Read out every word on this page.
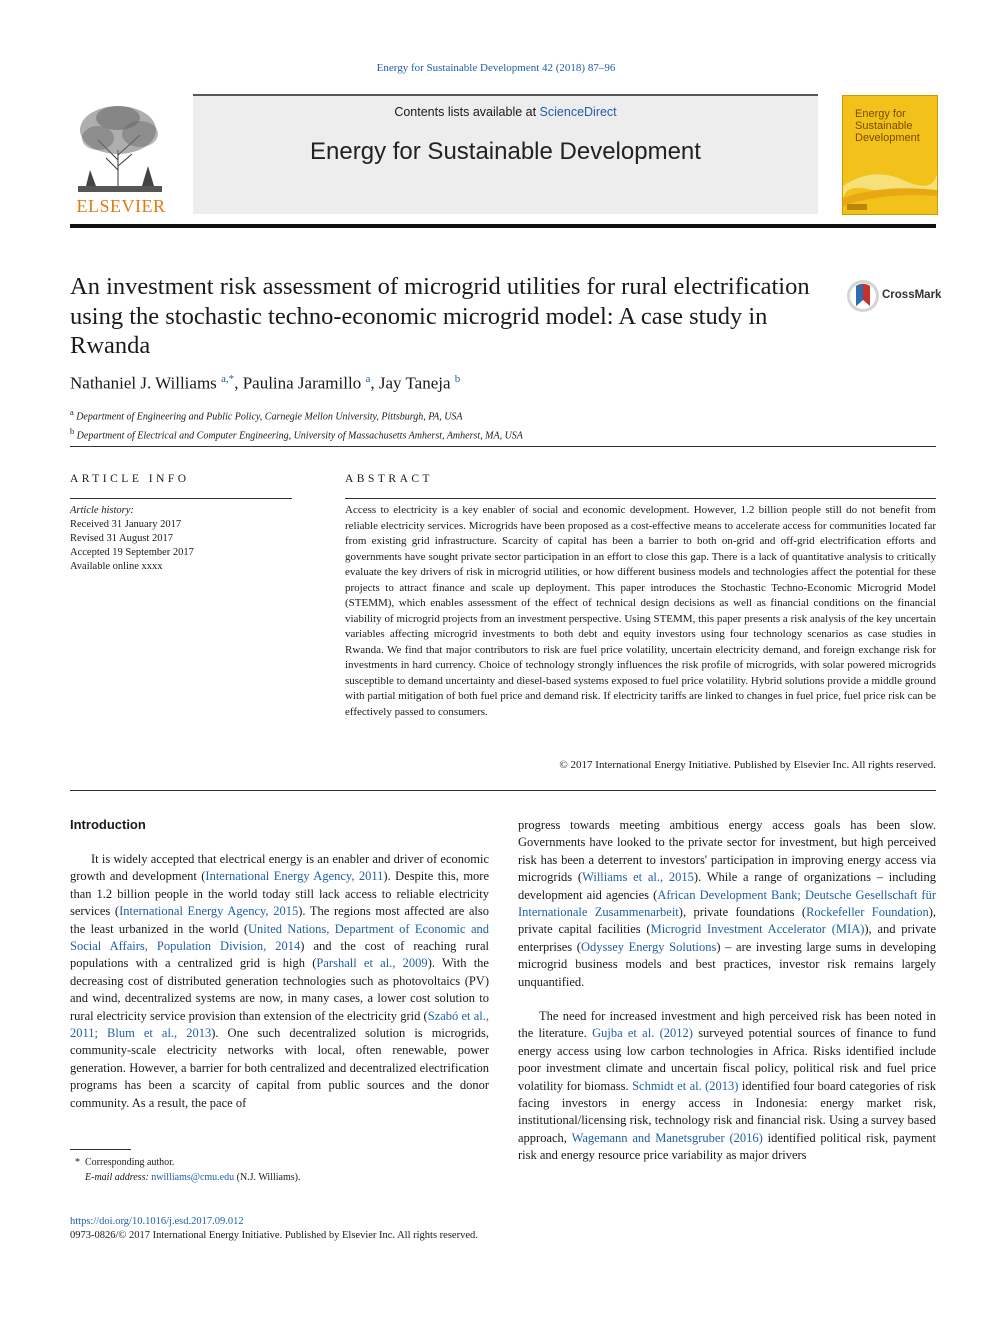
Energy for Sustainable Development 42 (2018) 87–96
Contents lists available at ScienceDirect
Energy for Sustainable Development
ELSEVIER
Energy for Sustainable Development
An investment risk assessment of microgrid utilities for rural electrification using the stochastic techno-economic microgrid model: A case study in Rwanda
CrossMark
Nathaniel J. Williams $^{a,*}$, Paulina Jaramillo $^a$, Jay Taneja $^b$
$^a$ Department of Engineering and Public Policy, Carnegie Mellon University, Pittsburgh, PA, USA
$^b$ Department of Electrical and Computer Engineering, University of Massachusetts Amherst, Amherst, MA, USA
ARTICLE INFO
Article history:
Received 31 January 2017
Revised 31 August 2017
Accepted 19 September 2017
Available online xxxx
ABSTRACT
Access to electricity is a key enabler of social and economic development. However, 1.2 billion people still do not benefit from reliable electricity services. Microgrids have been proposed as a cost-effective means to accelerate access for communities located far from existing grid infrastructure. Scarcity of capital has been a barrier to both on-grid and off-grid electrification efforts and governments have sought private sector participation in an effort to close this gap. There is a lack of quantitative analysis to critically evaluate the key drivers of risk in microgrid utilities, or how different business models and technologies affect the potential for these projects to attract finance and scale up deployment. This paper introduces the Stochastic Techno-Economic Microgrid Model (STEMM), which enables assessment of the effect of technical design decisions as well as financial conditions on the financial viability of microgrid projects from an investment perspective. Using STEMM, this paper presents a risk analysis of the key uncertain variables affecting microgrid investments to both debt and equity investors using four technology scenarios as case studies in Rwanda. We find that major contributors to risk are fuel price volatility, uncertain electricity demand, and foreign exchange risk for investments in hard currency. Choice of technology strongly influences the risk profile of microgrids, with solar powered microgrids susceptible to demand uncertainty and diesel-based systems exposed to fuel price volatility. Hybrid solutions provide a middle ground with partial mitigation of both fuel price and demand risk. If electricity tariffs are linked to changes in fuel price, fuel price risk can be effectively passed to consumers.
© 2017 International Energy Initiative. Published by Elsevier Inc. All rights reserved.
Introduction

It is widely accepted that electrical energy is an enabler and driver of economic growth and development (International Energy Agency, 2011). Despite this, more than 1.2 billion people in the world today still lack access to reliable electricity services (International Energy Agency, 2015). The regions most affected are also the least urbanized in the world (United Nations, Department of Economic and Social Affairs, Population Division, 2014) and the cost of reaching rural populations with a centralized grid is high (Parshall et al., 2009). With the decreasing cost of distributed generation technologies such as photovoltaics (PV) and wind, decentralized systems are now, in many cases, a lower cost solution to rural electricity service provision than extension of the electricity grid (Szabó et al., 2011; Blum et al., 2013). One such decentralized solution is microgrids, community-scale electricity networks with local, often renewable, power generation. However, a barrier for both centralized and decentralized electrification programs has been a scarcity of capital from public sources and the donor community. As a result, the pace of

progress towards meeting ambitious energy access goals has been slow. Governments have looked to the private sector for investment, but high perceived risk has been a deterrent to investors' participation in improving energy access via microgrids (Williams et al., 2015). While a range of organizations – including development aid agencies (African Development Bank; Deutsche Gesellschaft für Internationale Zusammenarbeit), private foundations (Rockefeller Foundation), private capital facilities (Microgrid Investment Accelerator (MIA)), and private enterprises (Odyssey Energy Solutions) – are investing large sums in developing microgrid business models and best practices, investor risk remains largely unquantified.

The need for increased investment and high perceived risk has been noted in the literature. Gujba et al. (2012) surveyed potential sources of finance to fund energy access using low carbon technologies in Africa. Risks identified include poor investment climate and uncertain fiscal policy, political risk and fuel price volatility for biomass. Schmidt et al. (2013) identified four board categories of risk facing investors in energy access in Indonesia: energy market risk, institutional/licensing risk, technology risk and financial risk. Using a survey based approach, Wagemann and Manetsgruber (2016) identified political risk, payment risk and energy resource price variability as major drivers

* Corresponding author.
E-mail address: nwilliams@cmu.edu (N.J. Williams).
https://doi.org/10.1016/j.esd.2017.09.012
0973-0826/© 2017 International Energy Initiative. Published by Elsevier Inc. All rights reserved.
